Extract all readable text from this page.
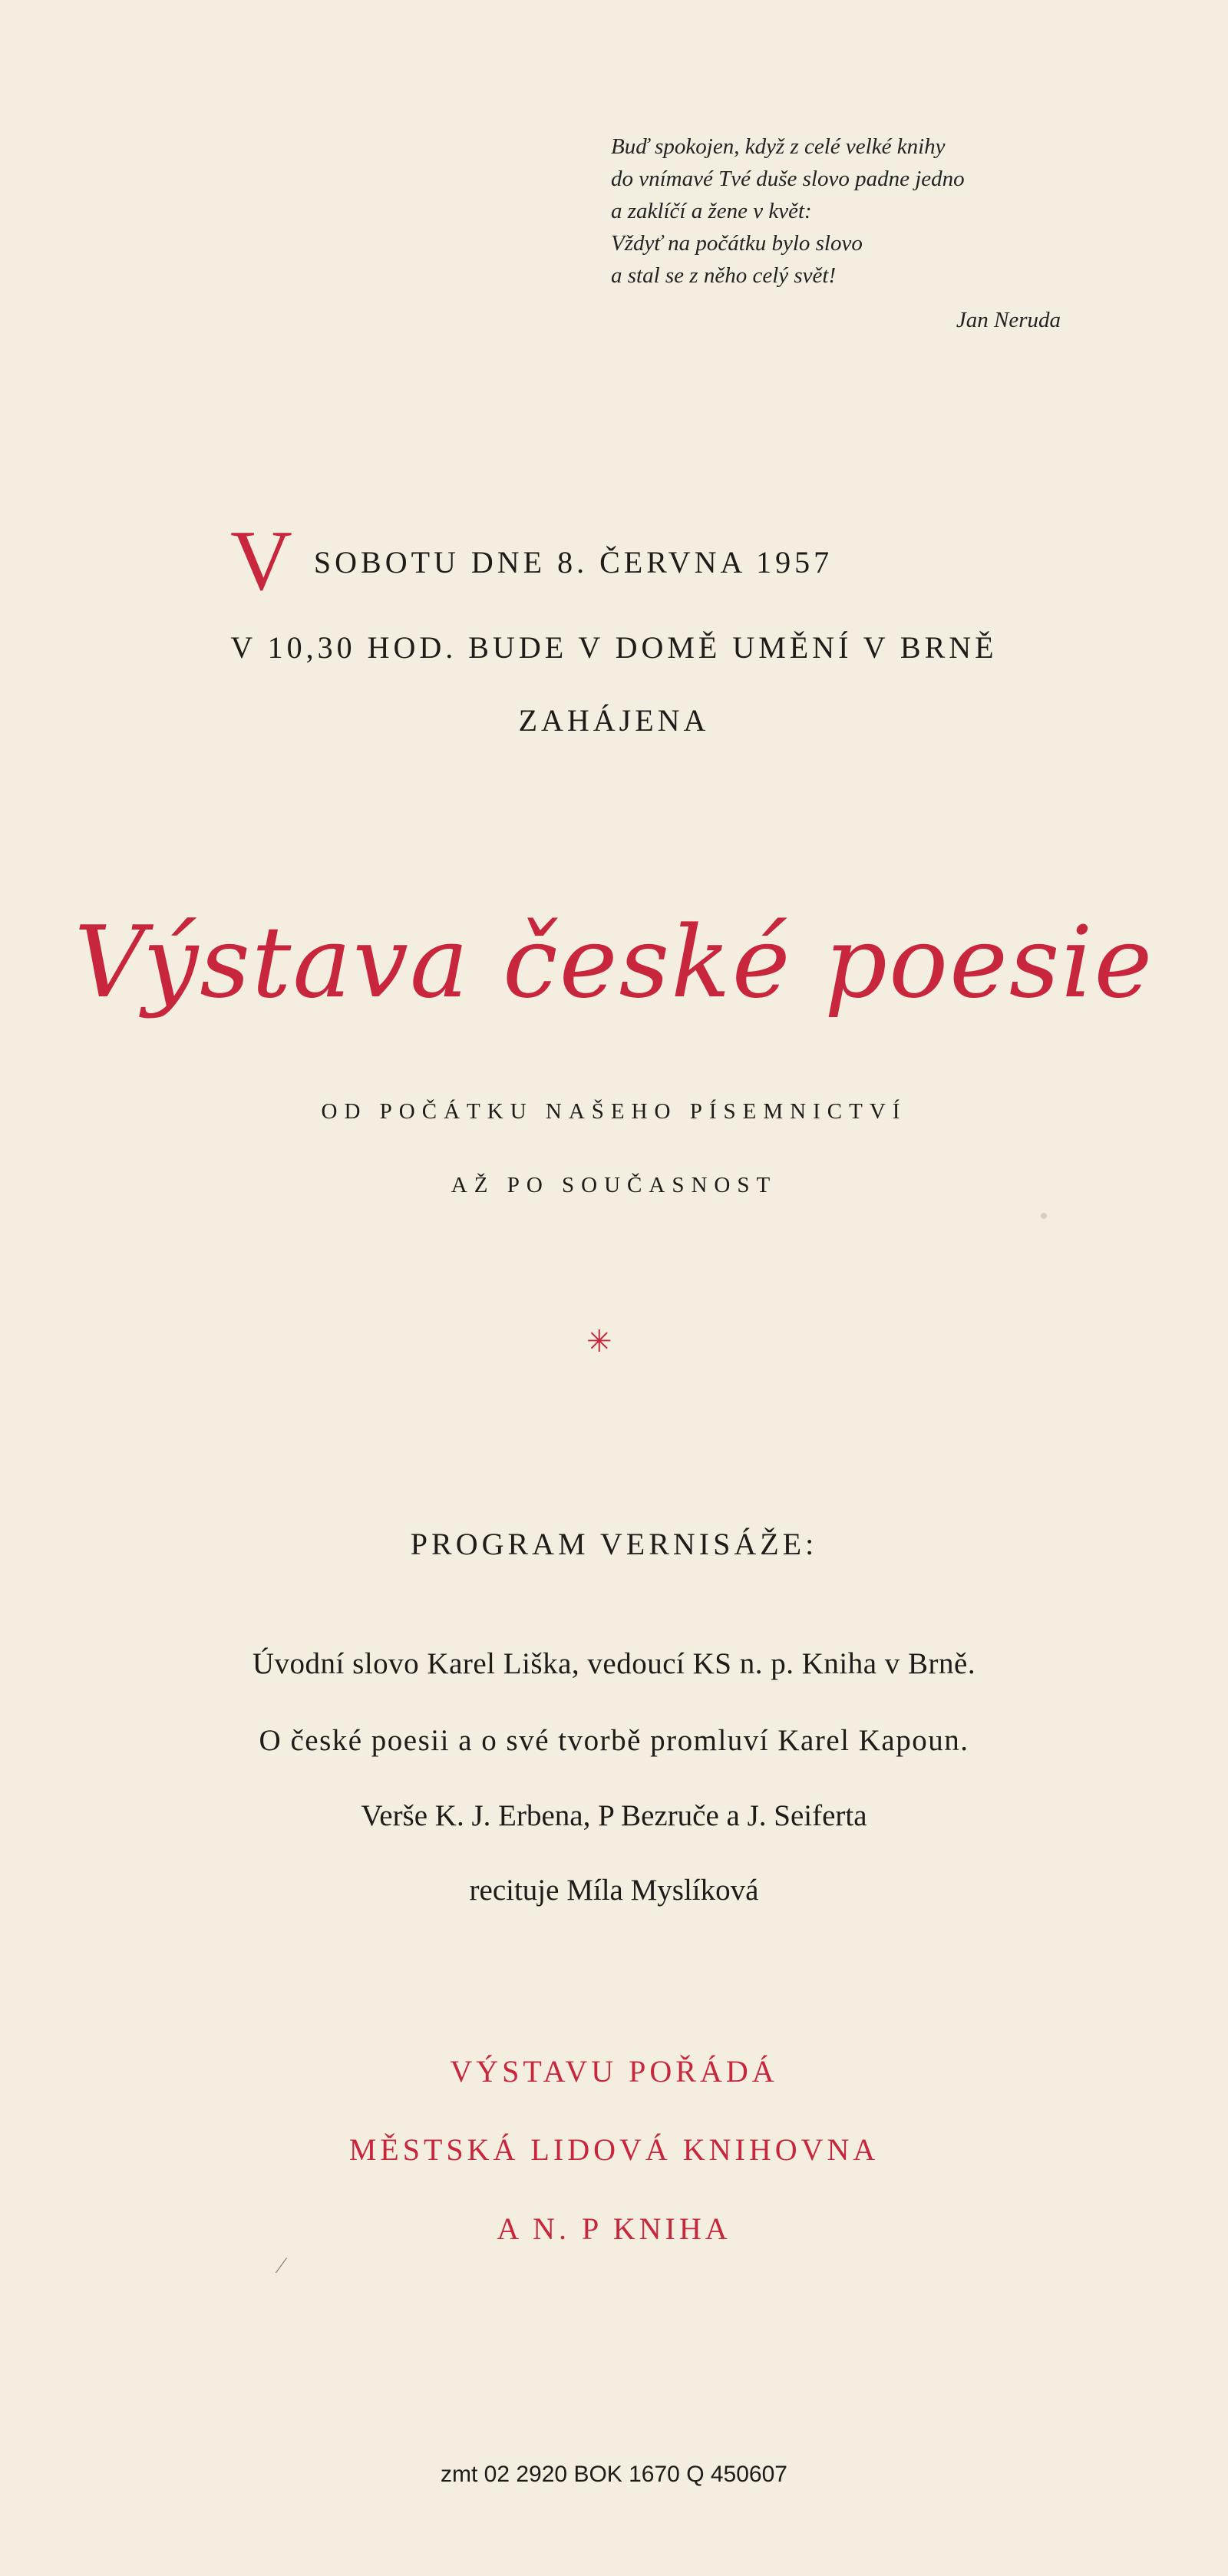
Buď spokojen, když z celé velké knihy
do vnímavé Tvé duše slovo padne jedno
a zaklíčí a žene v květ:
Vždyť na počátku bylo slovo
a stal se z něho celý svět!
Jan Neruda
VSOBOTU DNE 8. ČERVNA 1957
V 10,30 HOD. BUDE V DOMĚ UMĚNÍ V BRNĚ
ZAHÁJENA
Výstava české poesie
OD POČÁTKU NAŠEHO PÍSEMNICTVÍ
AŽ PO SOUČASNOST
✳
PROGRAM VERNISÁŽE:
Úvodní slovo Karel Liška, vedoucí KS n. p. Kniha v Brně.
O české poesii a o své tvorbě promluví Karel Kapoun.
Verše K. J. Erbena, P Bezruče a J. Seiferta
recituje Míla Myslíková
VÝSTAVU POŘÁDÁ
MĚSTSKÁ LIDOVÁ KNIHOVNA
A N. P KNIHA
⁄
zmt 02 2920 BOK 1670 Q 450607
